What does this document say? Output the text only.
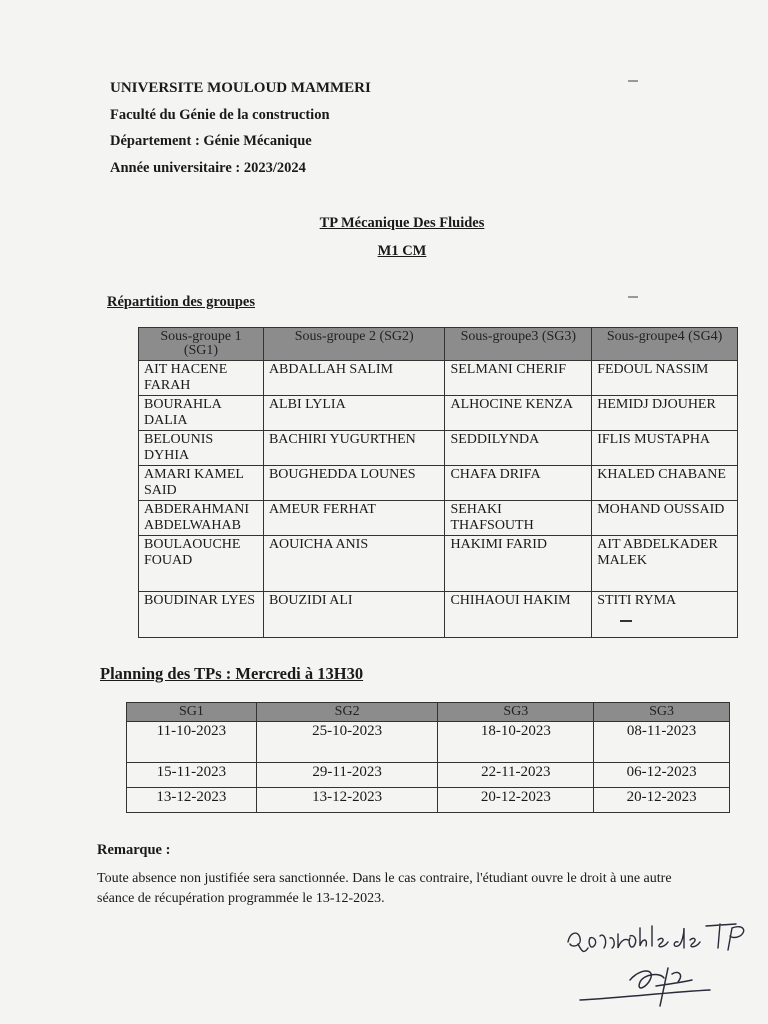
UNIVERSITE MOULOUD MAMMERI
Faculté du Génie de la construction
Département : Génie Mécanique
Année universitaire : 2023/2024
TP Mécanique Des Fluides
M1 CM
Répartition des groupes
Sous-groupe 1 (SG1)	Sous-groupe 2 (SG2)	Sous-groupe3 (SG3)	Sous-groupe4 (SG4)
AIT HACENE FARAH	ABDALLAH SALIM	SELMANI CHERIF	FEDOUL NASSIM
BOURAHLA DALIA	ALBI LYLIA	ALHOCINE KENZA	HEMIDJ DJOUHER
BELOUNIS DYHIA	BACHIRI YUGURTHEN	SEDDILYNDA	IFLIS MUSTAPHA
AMARI KAMEL SAID	BOUGHEDDA LOUNES	CHAFA DRIFA	KHALED CHABANE
ABDERAHMANI ABDELWAHAB	AMEUR FERHAT	SEHAKI THAFSOUTH	MOHAND OUSSAID
BOULAOUCHE FOUAD	AOUICHA ANIS	HAKIMI FARID	AIT ABDELKADER MALEK
BOUDINAR LYES	BOUZIDI ALI	CHIHAOUI HAKIM	STITI RYMA
Planning des TPs : Mercredi à 13H30
SG1	SG2	SG3	SG3
11-10-2023	25-10-2023	18-10-2023	08-11-2023
15-11-2023	29-11-2023	22-11-2023	06-12-2023
13-12-2023	13-12-2023	20-12-2023	20-12-2023
Remarque :
Toute absence non justifiée sera sanctionnée. Dans le cas contraire, l'étudiant ouvre le droit à une autre séance de récupération programmée le 13-12-2023.
